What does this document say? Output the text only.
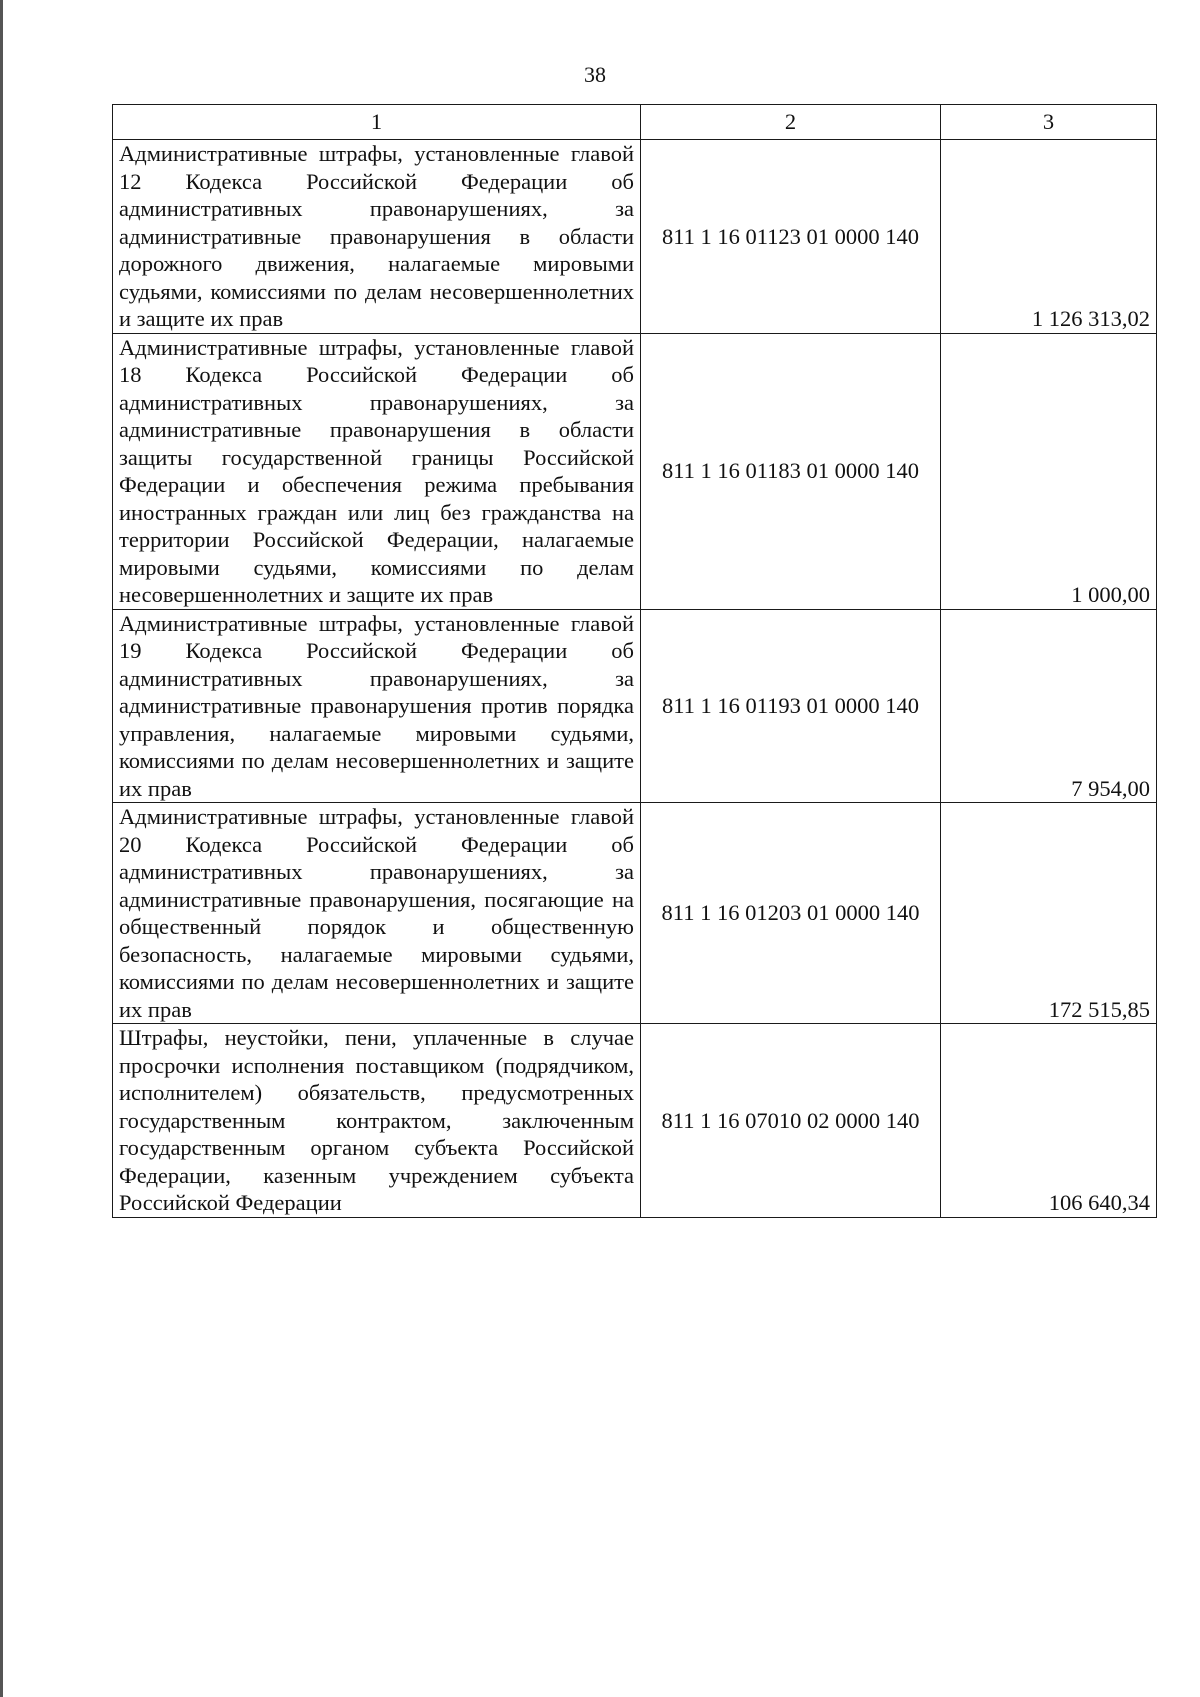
38
1	2	3
Административные штрафы, установленные главой 12 Кодекса Российской Федерации об административных правонарушениях, за административные правонарушения в области дорожного движения, налагаемые мировыми судьями, комиссиями по делам несовершеннолетних и защите их прав	811 1 16 01123 01 0000 140	1 126 313,02
Административные штрафы, установленные главой 18 Кодекса Российской Федерации об административных правонарушениях, за административные правонарушения в области защиты государственной границы Российской Федерации и обеспечения режима пребывания иностранных граждан или лиц без гражданства на территории Российской Федерации, налагаемые мировыми судьями, комиссиями по делам несовершеннолетних и защите их прав	811 1 16 01183 01 0000 140	1 000,00
Административные штрафы, установленные главой 19 Кодекса Российской Федерации об административных правонарушениях, за административные правонарушения против порядка управления, налагаемые мировыми судьями, комиссиями по делам несовершеннолетних и защите их прав	811 1 16 01193 01 0000 140	7 954,00
Административные штрафы, установленные главой 20 Кодекса Российской Федерации об административных правонарушениях, за административные правонарушения, посягающие на общественный порядок и общественную безопасность, налагаемые мировыми судьями, комиссиями по делам несовершеннолетних и защите их прав	811 1 16 01203 01 0000 140	172 515,85
Штрафы, неустойки, пени, уплаченные в случае просрочки исполнения поставщиком (подрядчиком, исполнителем) обязательств, предусмотренных государственным контрактом, заключенным государственным органом субъекта Российской Федерации, казенным учреждением субъекта Российской Федерации	811 1 16 07010 02 0000 140	106 640,34
